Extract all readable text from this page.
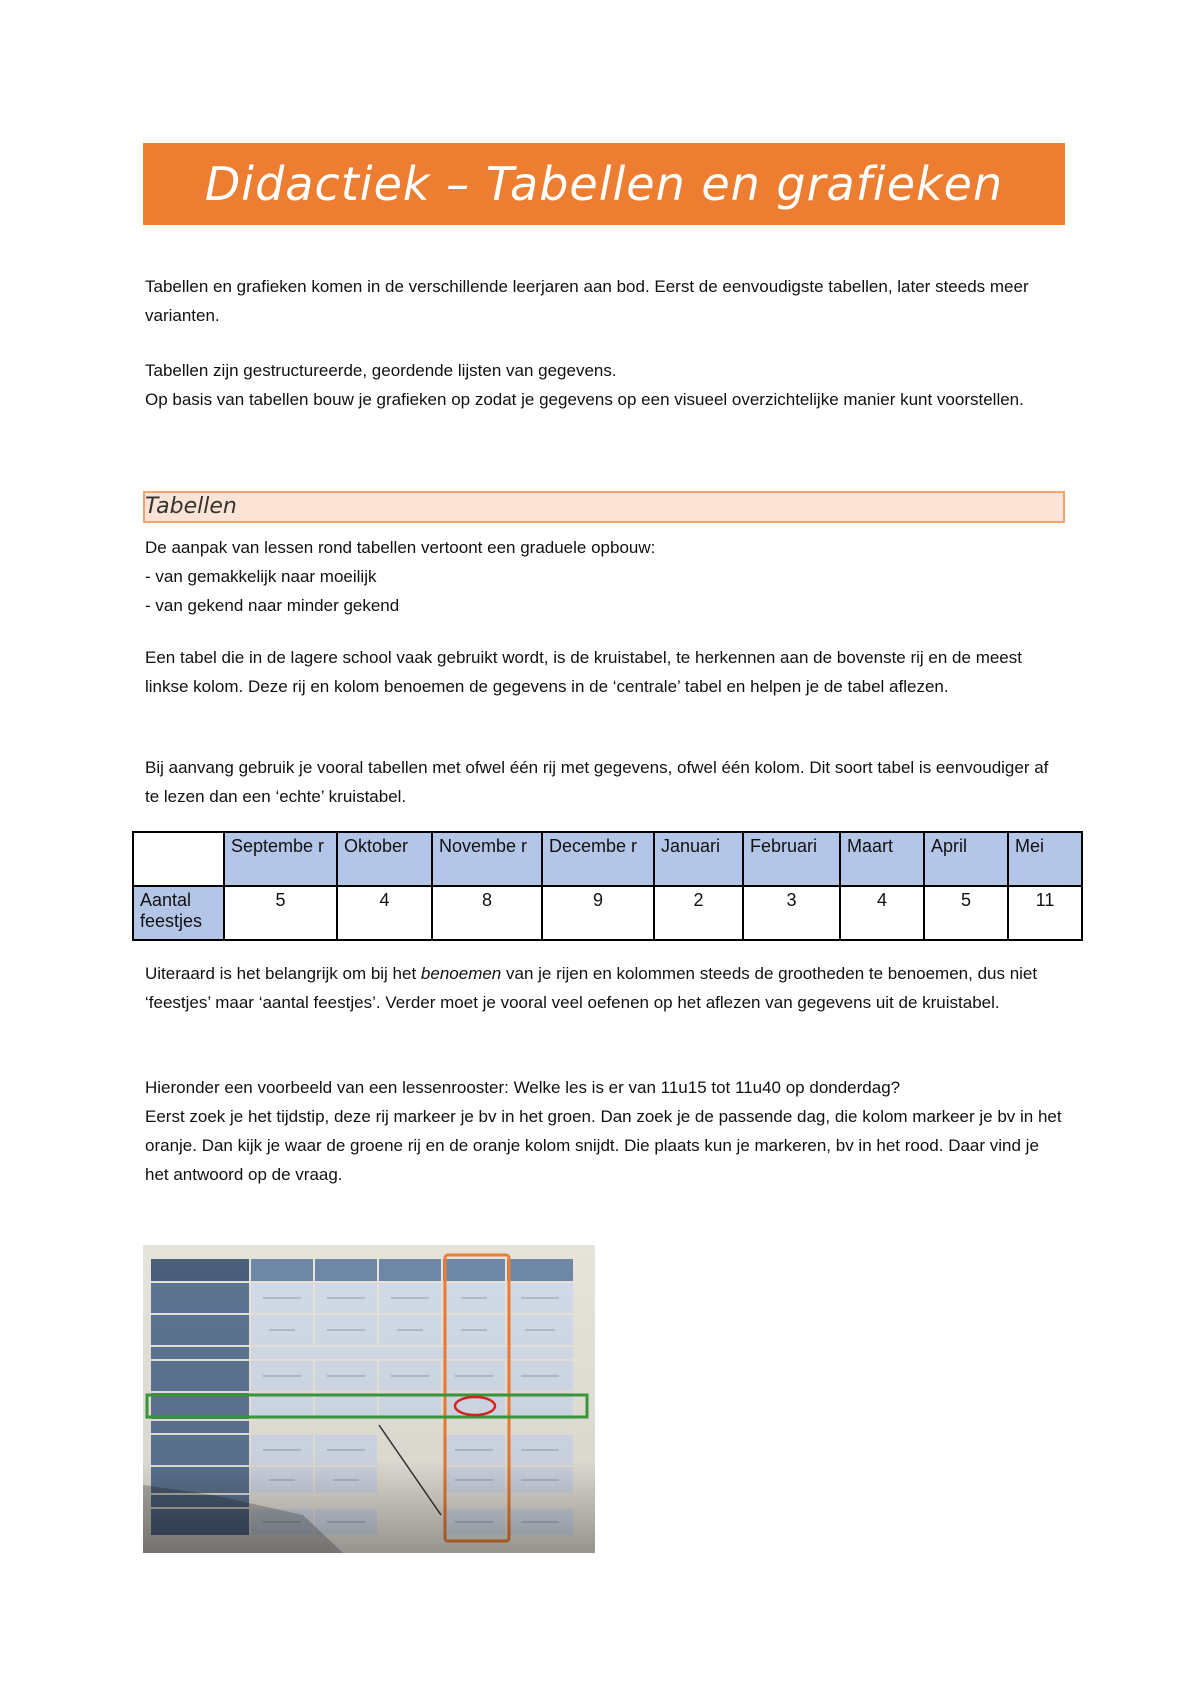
Didactiek – Tabellen en grafieken

Tabellen en grafieken komen in de verschillende leerjaren aan bod. Eerst de eenvoudigste tabellen, later steeds meer varianten.

Tabellen zijn gestructureerde, geordende lijsten van gegevens.
Op basis van tabellen bouw je grafieken op zodat je gegevens op een visueel overzichtelijke manier kunt voorstellen.
Tabellen
De aanpak van lessen rond tabellen vertoont een graduele opbouw:
- van gemakkelijk naar moeilijk
- van gekend naar minder gekend

Een tabel die in de lagere school vaak gebruikt wordt, is de kruistabel, te herkennen aan de bovenste rij en de meest linkse kolom. Deze rij en kolom benoemen de gegevens in de ‘centrale’ tabel en helpen je de tabel aflezen.

Bij aanvang gebruik je vooral tabellen met ofwel één rij met gegevens, ofwel één kolom. Dit soort tabel is eenvoudiger af te lezen dan een ‘echte’ kruistabel.

	Septembe r	Oktober	Novembe r	Decembe r	Januari	Februari	Maart	April	Mei
Aantal feestjes	5	4	8	9	2	3	4	5	11

Uiteraard is het belangrijk om bij het benoemen van je rijen en kolommen steeds de grootheden te benoemen, dus niet ‘feestjes’ maar ‘aantal feestjes’. Verder moet je vooral veel oefenen op het aflezen van gegevens uit de kruistabel.

Hieronder een voorbeeld van een lessenrooster: Welke les is er van 11u15 tot 11u40 op donderdag?
Eerst zoek je het tijdstip, deze rij markeer je bv in het groen. Dan zoek je de passende dag, die kolom markeer je bv in het oranje. Dan kijk je waar de groene rij en de oranje kolom snijdt. Die plaats kun je markeren, bv in het rood. Daar vind je het antwoord op de vraag.
